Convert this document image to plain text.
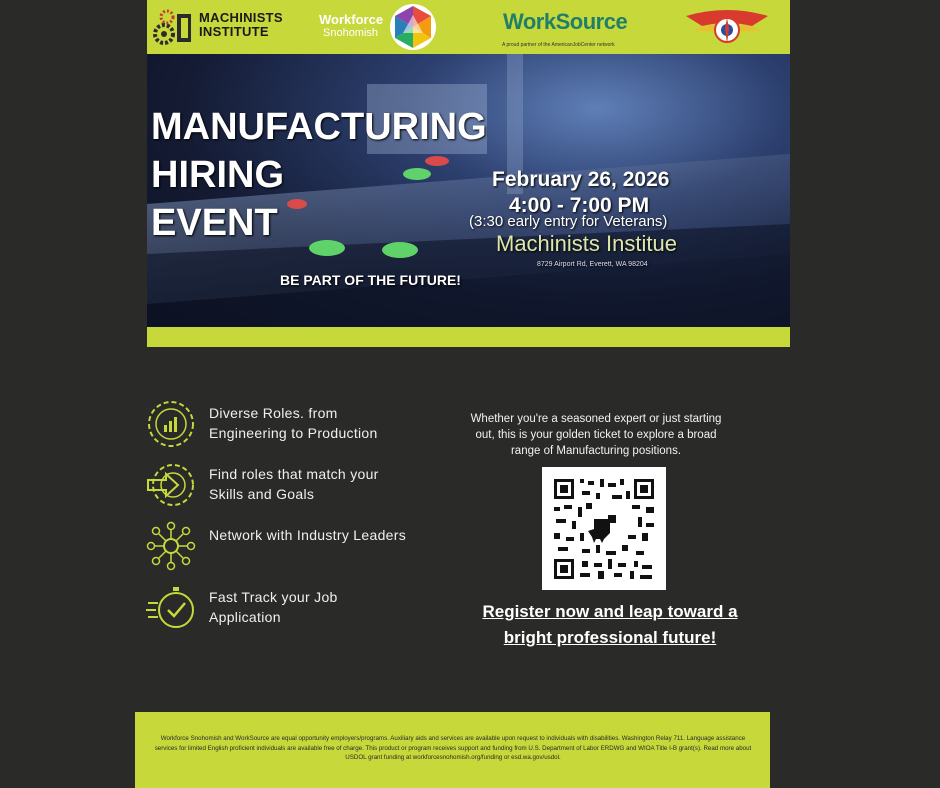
MACHINISTS
INSTITUTE
Workforce
Snohomish	WorkSource
A proud partner of the AmericanJobCenter network
MANUFACTURING
HIRING
EVENT
BE PART OF THE FUTURE!
February 26, 2026
4:00 - 7:00 PM
(3:30 early entry for Veterans)
Machinists Institue
8729 Airport Rd, Everett, WA 98204
Diverse Roles. from Engineering to Production
Find roles that match your Skills and Goals
Network with Industry Leaders
Fast Track your Job Application
Whether you're a seasoned expert or just starting out, this is your golden ticket to explore a broad range of Manufacturing positions.
Register now and leap toward a
bright professional future!
Workforce Snohomish and WorkSource are equal opportunity employers/programs. Auxiliary aids and services are available upon request to individuals with disabilities. Washington Relay 711. Language assistance services for limited English proficient individuals are available free of charge. This product or program receives support and funding from U.S. Department of Labor ERDWG and WIOA Title I-B grant(s). Read more about USDOL grant funding at workforcesnohomish.org/funding or esd.wa.gov/usdol.
